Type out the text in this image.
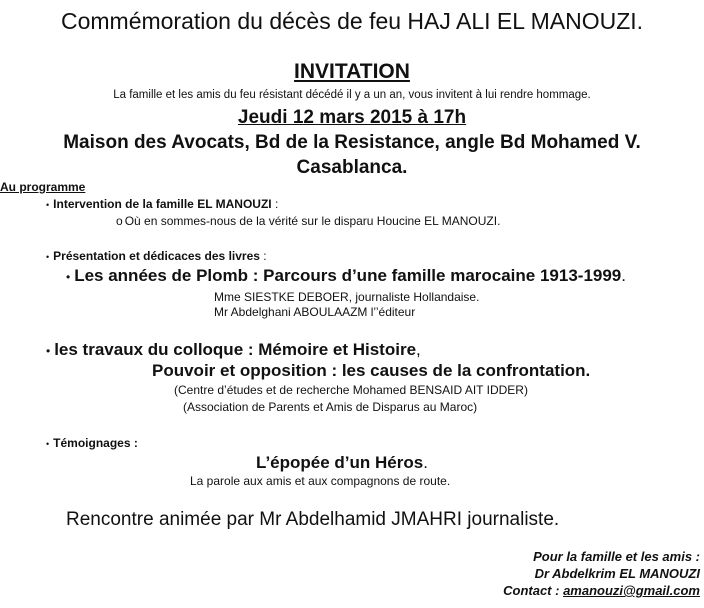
Commémoration du décès de feu HAJ ALI EL MANOUZI.
INVITATION
La famille et les amis du feu résistant décédé il y a un an, vous invitent à lui rendre hommage.
Jeudi 12 mars 2015 à 17h
Maison des Avocats, Bd de la Resistance, angle Bd Mohamed V.
Casablanca.
Au programme
• Intervention de la famille EL MANOUZI :
o Où en sommes-nous de la vérité sur le disparu Houcine EL MANOUZI.
• Présentation et dédicaces des livres :
• Les années de Plomb : Parcours d’une famille marocaine 1913-1999.
Mme SIESTKE DEBOER, journaliste Hollandaise.
Mr Abdelghani ABOULAAZM l’’éditeur
• les travaux du colloque : Mémoire et Histoire,
Pouvoir et opposition : les causes de la confrontation.
(Centre d’études et de recherche Mohamed BENSAID AIT IDDER)
(Association de Parents et Amis de Disparus au Maroc)
• Témoignages :
L’épopée d’un Héros.
La parole aux amis et aux compagnons de route.
Rencontre animée par Mr Abdelhamid JMAHRI journaliste.
Pour la famille et les amis :
Dr Abdelkrim EL MANOUZI
Contact : amanouzi@gmail.com
